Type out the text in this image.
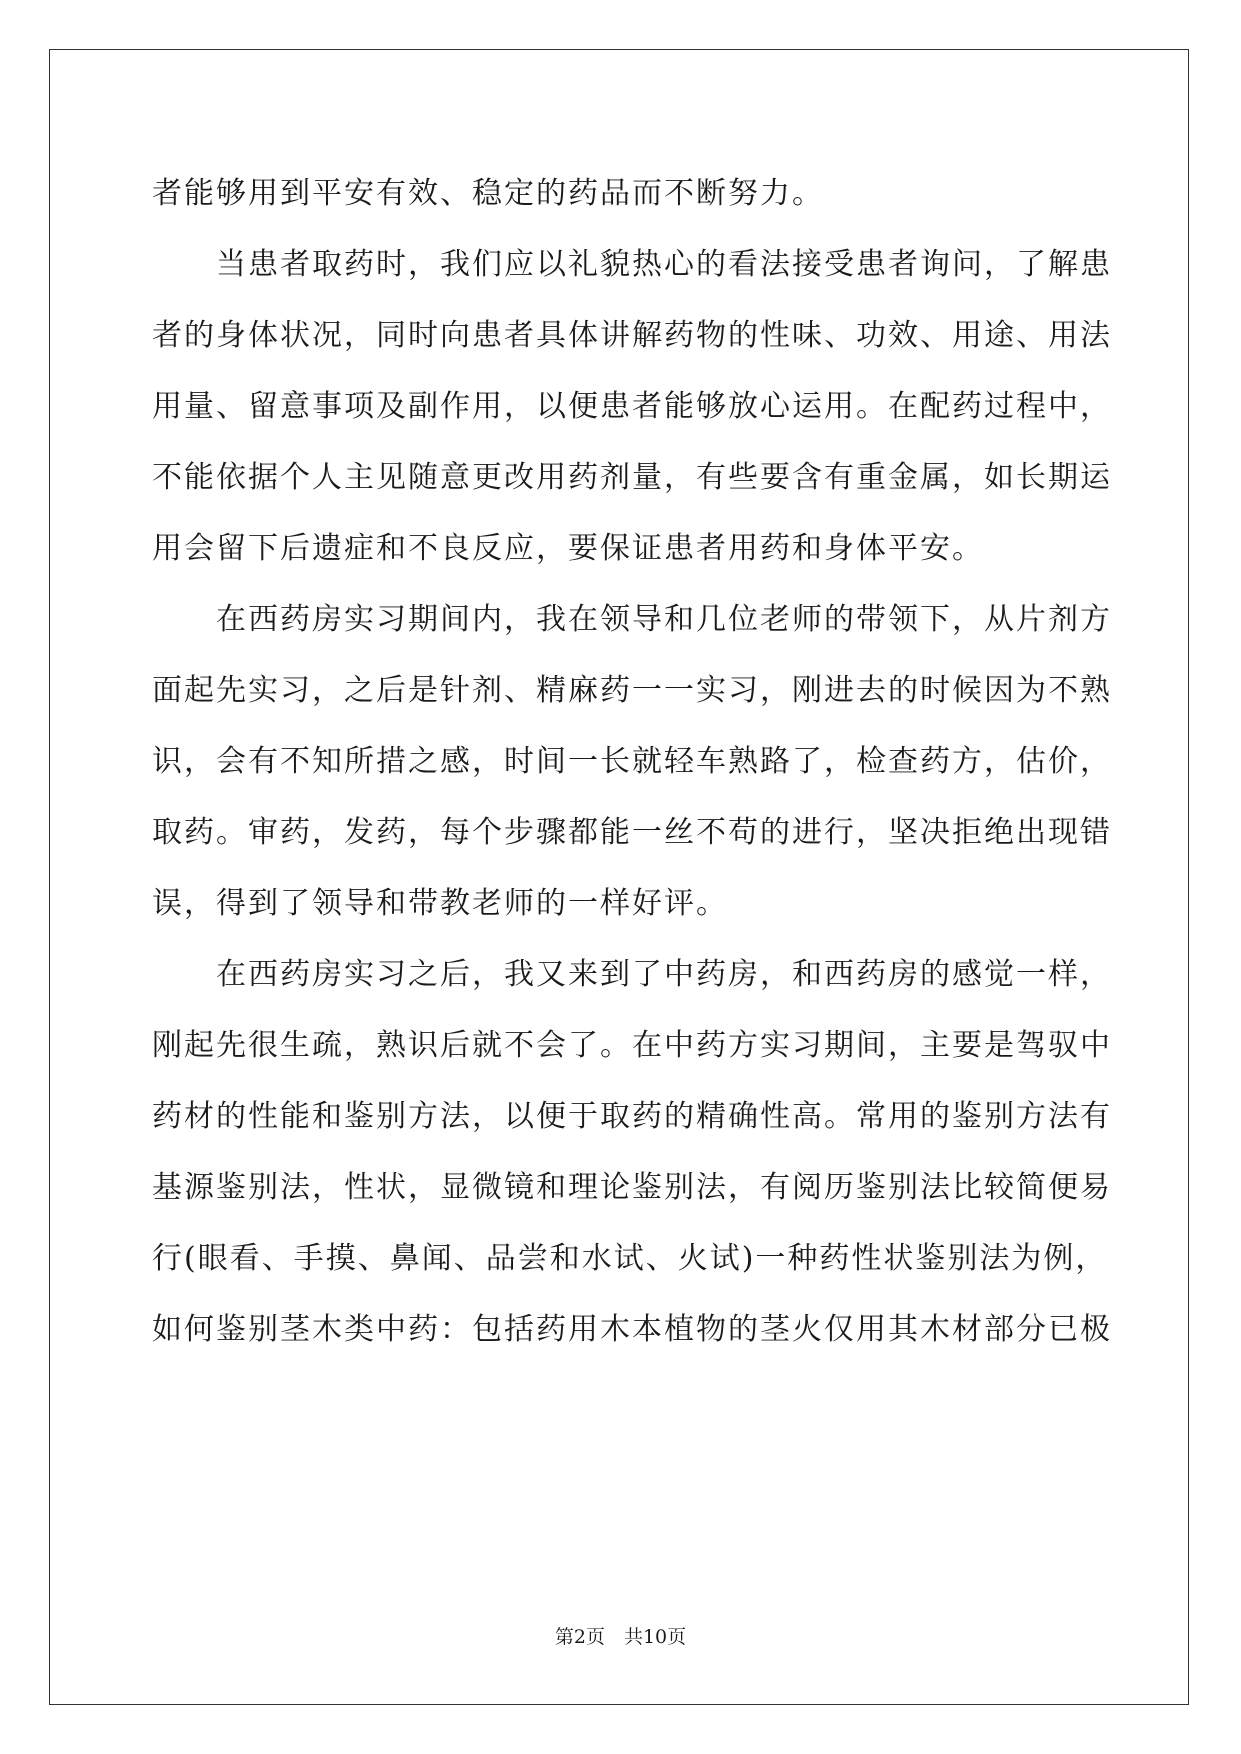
者能够用到平安有效、稳定的药品而不断努力。
当患者取药时，我们应以礼貌热心的看法接受患者询问，了解患
者的身体状况，同时向患者具体讲解药物的性味、功效、用途、用法
用量、留意事项及副作用，以便患者能够放心运用。在配药过程中，
不能依据个人主见随意更改用药剂量，有些要含有重金属，如长期运
用会留下后遗症和不良反应，要保证患者用药和身体平安。
在西药房实习期间内，我在领导和几位老师的带领下，从片剂方
面起先实习，之后是针剂、精麻药一一实习，刚进去的时候因为不熟
识，会有不知所措之感，时间一长就轻车熟路了，检查药方，估价，
取药。审药，发药，每个步骤都能一丝不苟的进行，坚决拒绝出现错
误，得到了领导和带教老师的一样好评。
在西药房实习之后，我又来到了中药房，和西药房的感觉一样，
刚起先很生疏，熟识后就不会了。在中药方实习期间，主要是驾驭中
药材的性能和鉴别方法，以便于取药的精确性高。常用的鉴别方法有
基源鉴别法，性状，显微镜和理论鉴别法，有阅历鉴别法比较简便易
行(眼看、手摸、鼻闻、品尝和水试、火试)一种药性状鉴别法为例，
如何鉴别茎木类中药：包括药用木本植物的茎火仅用其木材部分已极
第2页　共10页
